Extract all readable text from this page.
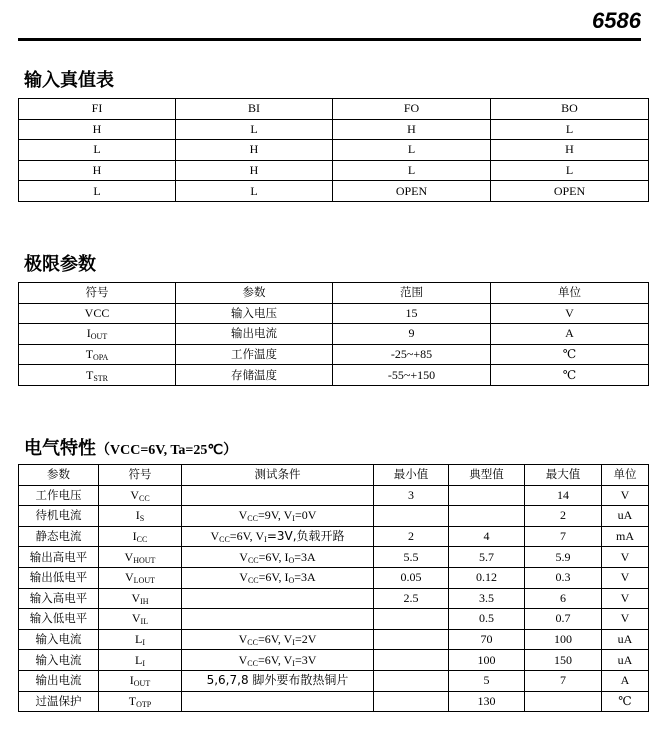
6586
输入真值表
FI	BI	FO	BO
H	L	H	L
L	H	L	H
H	H	L	L
L	L	OPEN	OPEN
极限参数
符号	参数	范围	单位
VCC	输入电压	15	V
$I_{OUT}$	输出电流	9	A
$T_{OPA}$	工作温度	-25~+85	℃
$T_{STR}$	存储温度	-55~+150	℃
电气特性（VCC=6V, Ta=25℃）
参数	符号	测试条件	最小值	典型值	最大值	单位
工作电压	$V_{CC}$		3		14	V
待机电流	$I_S$	$V_{CC}=9V$, $V_I=0V$			2	uA
静态电流	$I_{CC}$	$V_{CC}=6V$, $V_I=3V$,负载开路	2	4	7	mA
输出高电平	$V_{HOUT}$	$V_{CC}=6V$, $I_O=3A$	5.5	5.7	5.9	V
输出低电平	$V_{LOUT}$	$V_{CC}=6V$, $I_O=3A$	0.05	0.12	0.3	V
输入高电平	$V_{IH}$		2.5	3.5	6	V
输入低电平	$V_{IL}$			0.5	0.7	V
输入电流	$L_I$	$V_{CC}=6V$, $V_I=2V$		70	100	uA
输入电流	$L_I$	$V_{CC}=6V$, $V_I=3V$		100	150	uA
输出电流	$I_{OUT}$	5,6,7,8 脚外要布散热铜片		5	7	A
过温保护	$T_{OTP}$			130		℃
